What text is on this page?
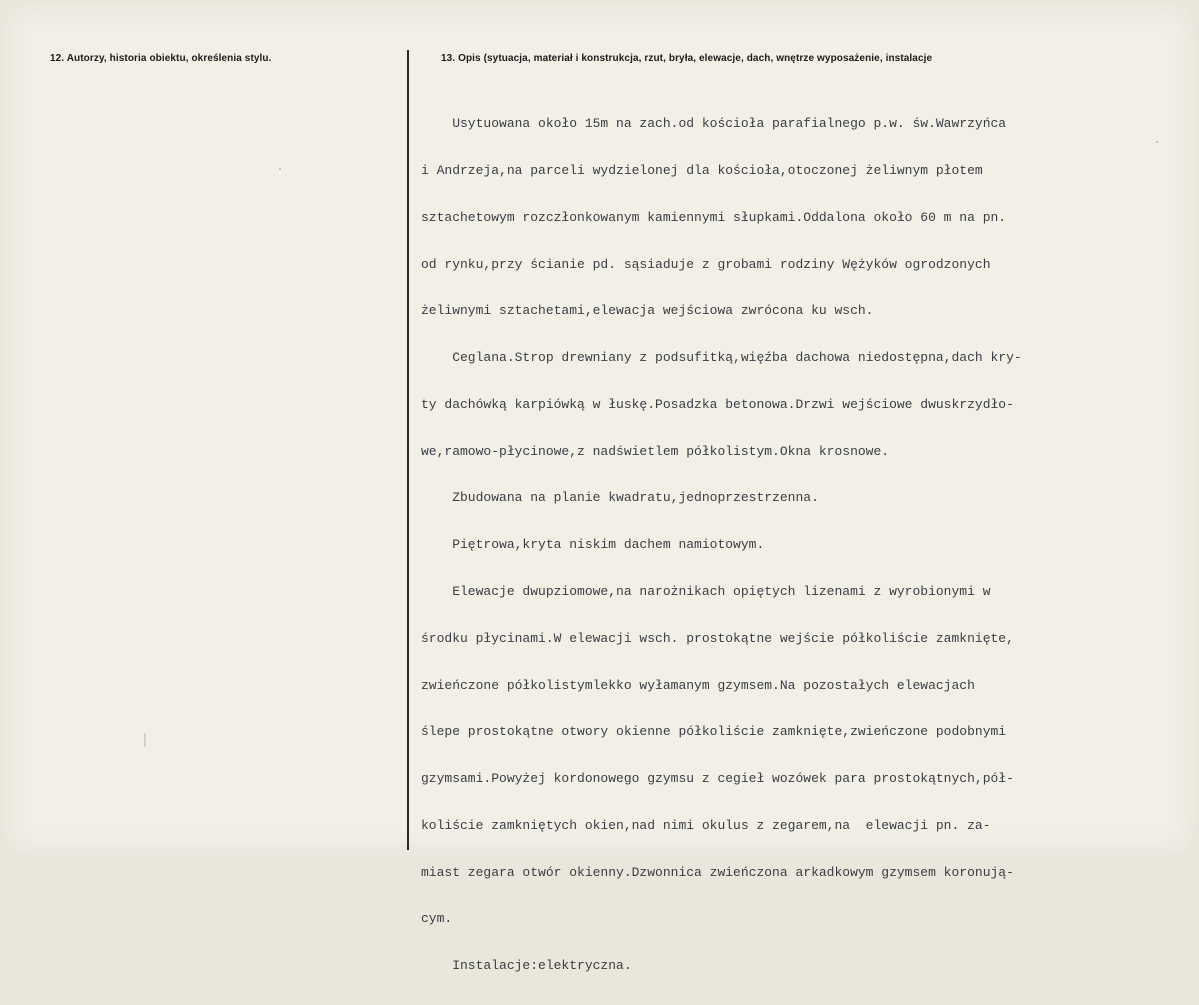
12. Autorzy, historia obiektu, określenia stylu.	13. Opis (sytuacja, materiał i konstrukcja, rzut, bryła, elewacje, dach, wnętrze wyposażenie, instalacje

Usytuowana około 15m na zach.od kościoła parafialnego p.w. św.Wawrzyńca

i Andrzeja,na parceli wydzielonej dla kościoła,otoczonej żeliwnym płotem

sztachetowym rozczłonkowanym kamiennymi słupkami.Oddalona około 60 m na pn.

od rynku,przy ścianie pd. sąsiaduje z grobami rodziny Wężyków ogrodzonych

żeliwnymi sztachetami,elewacja wejściowa zwrócona ku wsch.

Ceglana.Strop drewniany z podsufitką,więźba dachowa niedostępna,dach kry-

ty dachówką karpiówką w łuskę.Posadzka betonowa.Drzwi wejściowe dwuskrzydło-

we,ramowo-płycinowe,z nadświetlem półkolistym.Okna krosnowe.

Zbudowana na planie kwadratu,jednoprzestrzenna.

Piętrowa,kryta niskim dachem namiotowym.

Elewacje dwupziomowe,na narożnikach opiętych lizenami z wyrobionymi w

środku płycinami.W elewacji wsch. prostokątne wejście półkoliście zamknięte,

zwieńczone półkolistymlekko wyłamanym gzymsem.Na pozostałych elewacjach

ślepe prostokątne otwory okienne półkoliście zamknięte,zwieńczone podobnymi

gzymsami.Powyżej kordonowego gzymsu z cegieł wozówek para prostokątnych,pół-

koliście zamkniętych okien,nad nimi okulus z zegarem,na  elewacji pn. za-

miast zegara otwór okienny.Dzwonnica zwieńczona arkadkowym gzymsem koronują-

cym.

Instalacje:elektryczna.
